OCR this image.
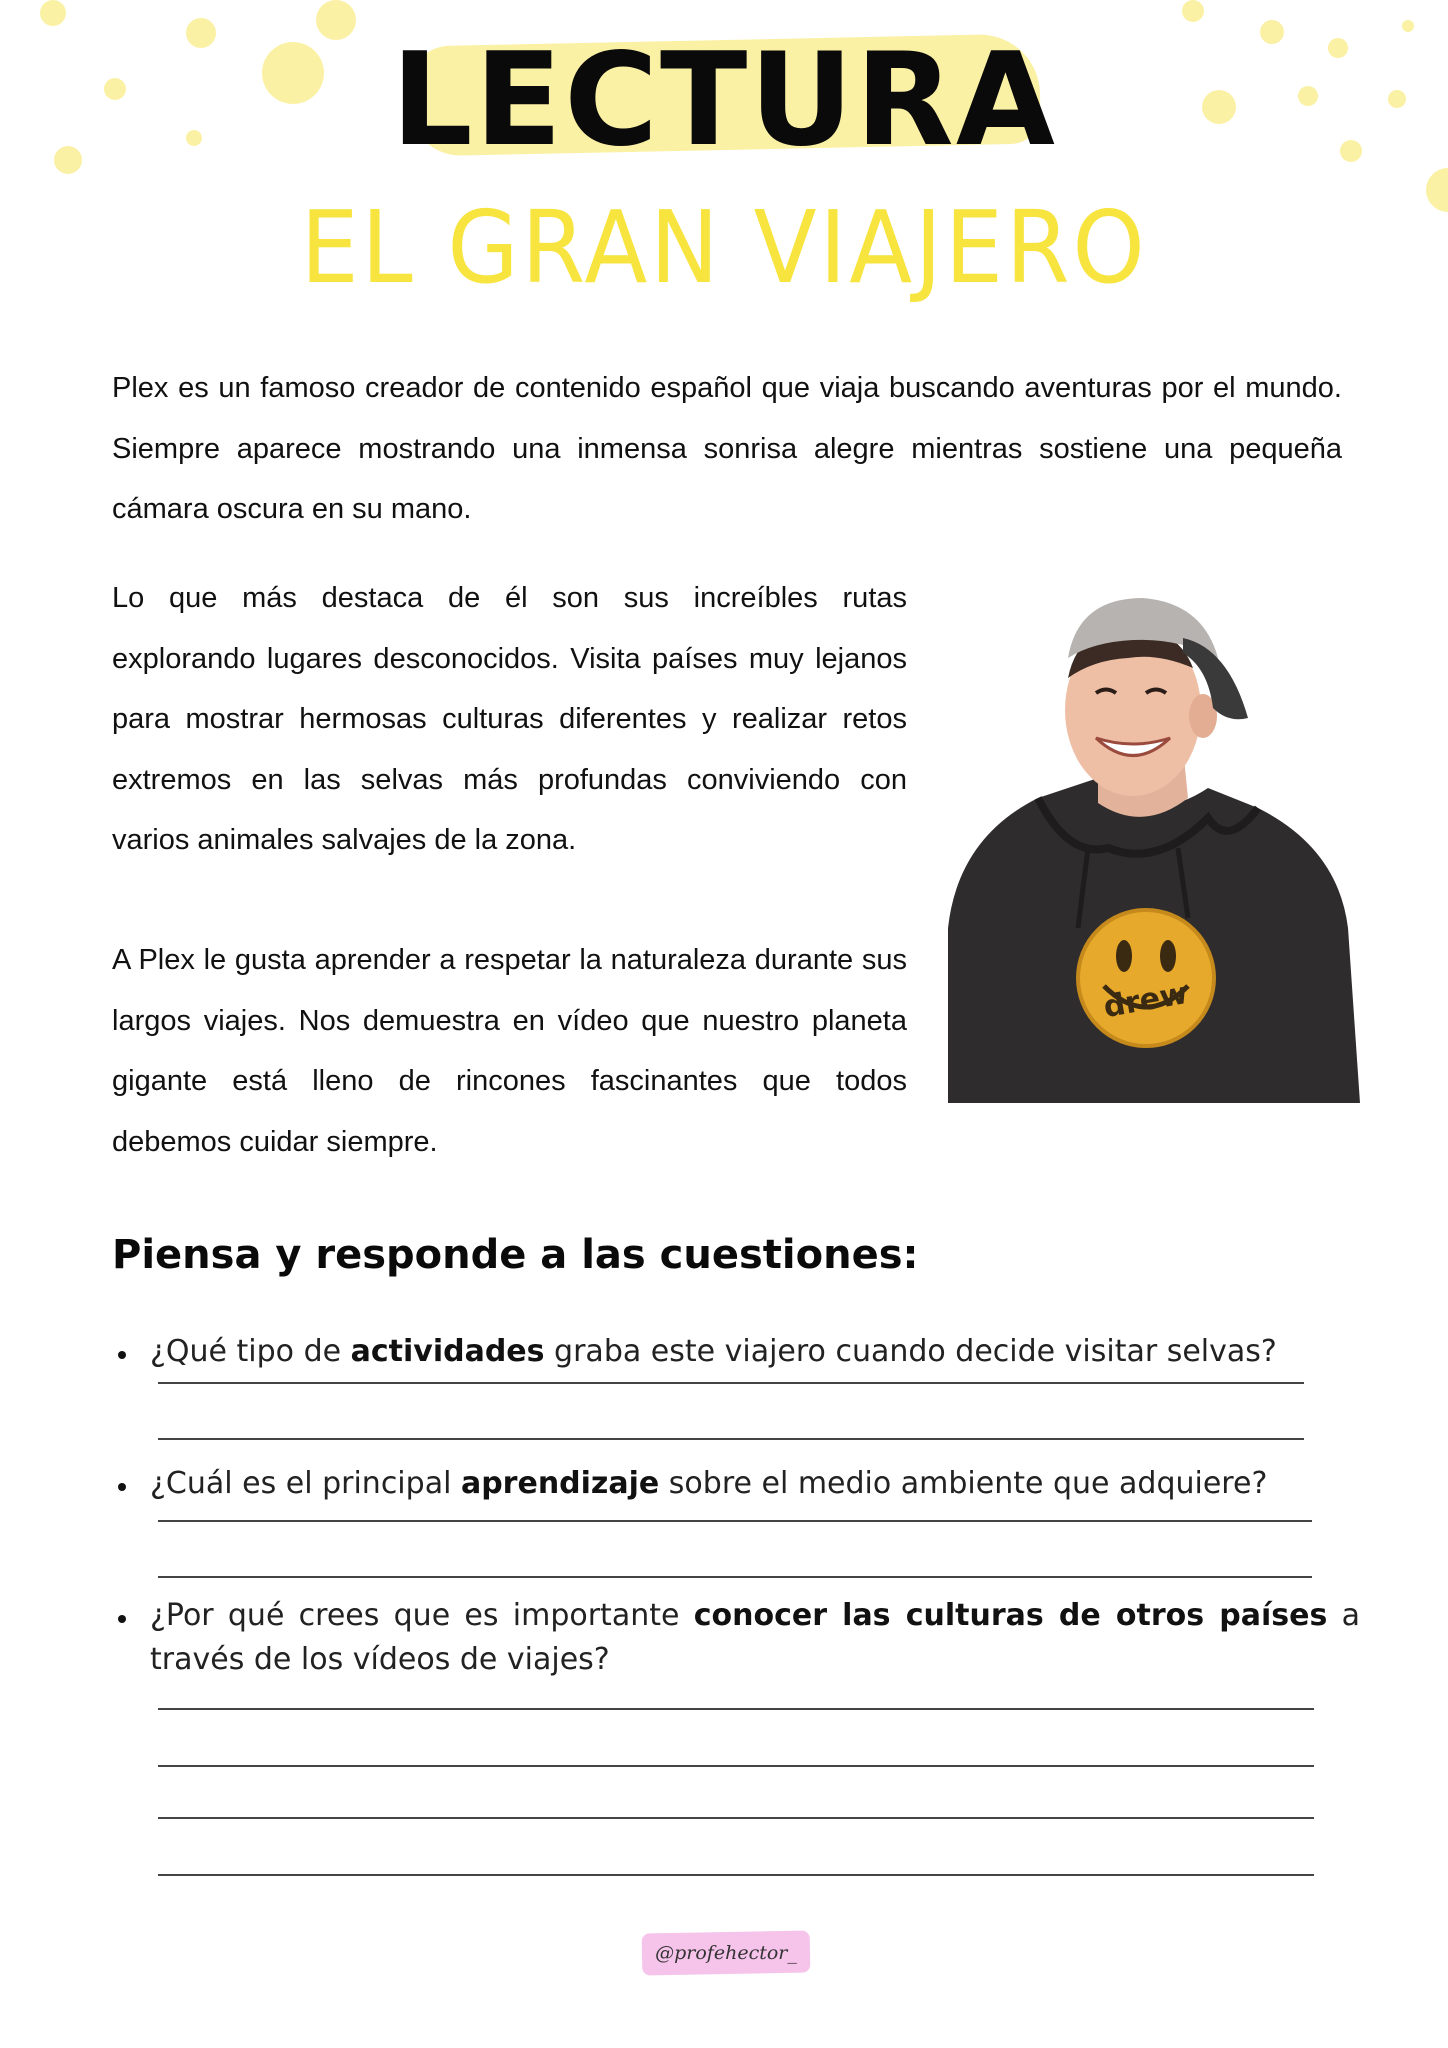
LECTURA
EL GRAN VIAJERO
Plex es un famoso creador de contenido español que viaja buscando aventuras por el mundo. Siempre aparece mostrando una inmensa sonrisa alegre mientras sostiene una pequeña cámara oscura en su mano.
Lo que más destaca de él son sus increíbles rutas explorando lugares desconocidos. Visita países muy lejanos para mostrar hermosas culturas diferentes y realizar retos extremos en las selvas más profundas conviviendo con varios animales salvajes de la zona.
A Plex le gusta aprender a respetar la naturaleza durante sus largos viajes. Nos demuestra en vídeo que nuestro planeta gigante está lleno de rincones fascinantes que todos debemos cuidar siempre.
drew
Piensa y responde a las cuestiones:
¿Qué tipo de actividades graba este viajero cuando decide visitar selvas?
¿Cuál es el principal aprendizaje sobre el medio ambiente que adquiere?
¿Por qué crees que es importante conocer las culturas de otros países a través de los vídeos de viajes?
@profehector_
